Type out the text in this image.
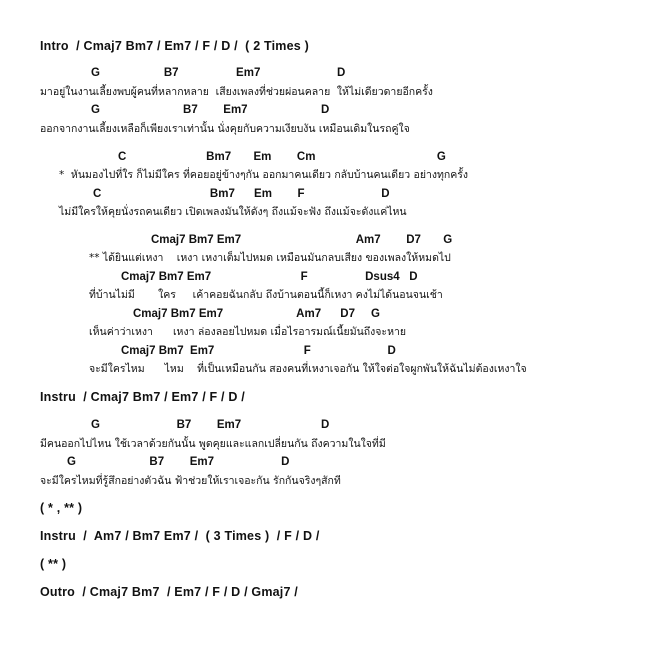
Intro  / Cmaj7 Bm7 / Em7 / F / D /  ( 2 Times )
G                    B7                  Em7                        D
มาอยู่ในงานเลี้ยงพบผู้คนที่หลากหลาย  เสียงเพลงที่ช่วยผ่อนคลาย  ให้ไม่เดียวดายอีกครั้ง
G                          B7        Em7                       D
ออกจากงานเลี้ยงเหลือก็เพียงเราเท่านั้น นั่งคุยกับความเงียบงัน เหมือนเดิมในรถคู่ใจ
C                         Bm7       Em        Cm                                      G
*  หันมองไปที่ใร ก็ไม่มีใคร ที่คอยอยู่ข้างๆกัน ออกมาคนเดียว กลับบ้านคนเดียว อย่างทุกครั้ง
C                                  Bm7      Em        F                        D
ไม่มีใครให้คุยนั่งรถคนเดียว เปิดเพลงมันให้ดังๆ ถึงแม้จะฟัง ถึงแม้จะดังแค่ไหน
Cmaj7 Bm7 Em7                                    Am7        D7       G
** ได้ยินแต่เหงา    เหงา เหงาเต็มไปหมด เหมือนมันกลบเสียง ของเพลงให้หมดไป
Cmaj7 Bm7 Em7                            F                  Dsus4   D
ที่บ้านไม่มี       ใคร     เค้าคอยฉันกลับ ถึงบ้านตอนนี้ก็เหงา คงไม่ได้นอนจนเช้า
Cmaj7 Bm7 Em7                       Am7      D7     G
เห็นค่าว่าเหงา      เหงา ล่องลอยไปหมด เมื่อไรอารมณ์เนี้ยมันถึงจะหาย
Cmaj7 Bm7  Em7                            F                        D
จะมีใครไหม      ไหม    ที่เป็นเหมือนกัน สองคนที่เหงาเจอกัน ให้ใจต่อใจผูกพันให้ฉันไม่ต้องเหงาใจ
Instru  / Cmaj7 Bm7 / Em7 / F / D /
G                        B7        Em7                         D
มีคนออกไปไหน ใช้เวลาด้วยกันนั้น พูดคุยและแลกเปลี่ยนกัน ถึงความในใจที่มี
G                       B7        Em7                     D
จะมีใครไหมที่รู้สึกอย่างตัวฉัน ฟ้าช่วยให้เราเจอะกัน รักกันจริงๆสักที
( * , ** )
Instru  /  Am7 / Bm7 Em7 /  ( 3 Times )  / F / D /
( ** )
Outro  / Cmaj7 Bm7  / Em7 / F / D / Gmaj7 /
